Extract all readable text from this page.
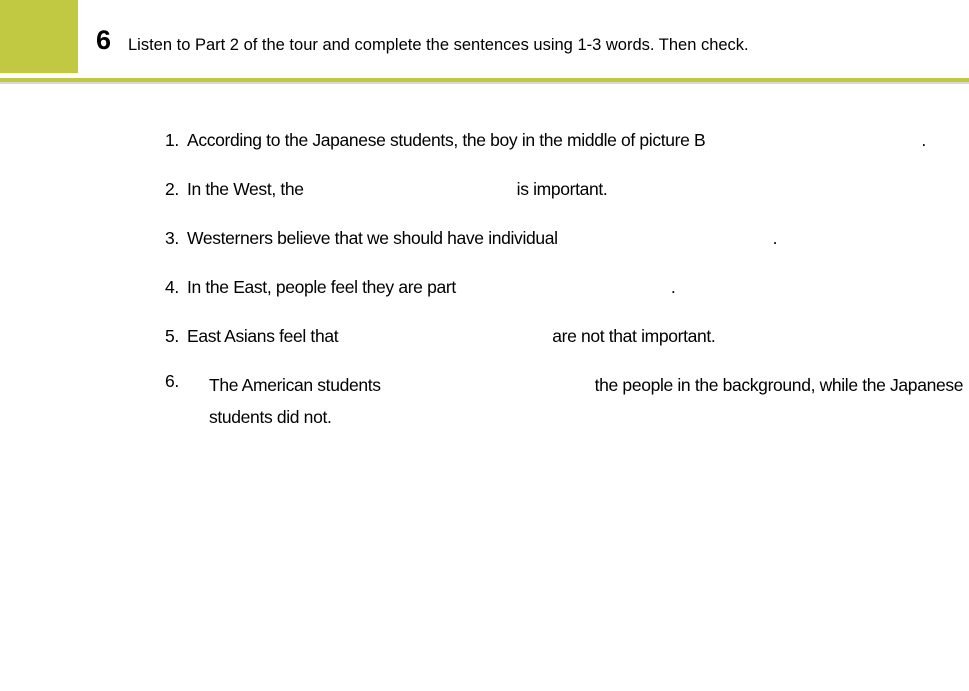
6 Listen to Part 2 of the tour and complete the sentences using 1-3 words. Then check.
1. According to the Japanese students, the boy in the middle of picture B	.
2. In the West, the	is important.
3. Westerners believe that we should have individual	.
4. In the East, people feel they are part	.
5. East Asians feel that	are not that important.
6. The American students	the people in the background, while the Japanese students did not.
